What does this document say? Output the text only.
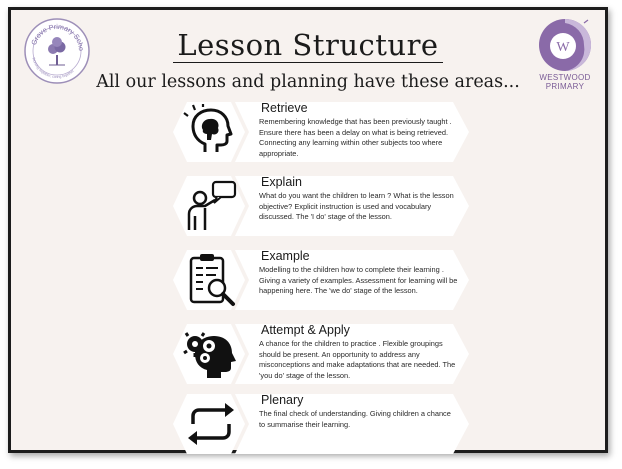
Grove Primary Scho
Working together, caring together
Lesson Structure
All our lessons and planning have these areas...
W
WESTWOOD
PRIMARY
Retrieve
Remembering knowledge that has been previously taught . Ensure there has been a delay on what is being retrieved. Connecting any learning within other subjects too where appropriate.
Explain
What do you want the children to learn ? What is the lesson objective? Explicit instruction is used and vocabulary discussed. The 'I do' stage of the lesson.
Example
Modelling to the children how to complete their learning . Giving a variety of examples. Assessment for learning will be happening here. The 'we do' stage of the lesson.
Attempt & Apply
A chance for the children to practice . Flexible groupings should be present. An opportunity to address any misconceptions and make adaptations that are needed. The 'you do' stage of the lesson.
Plenary
The final check of understanding. Giving children a chance to summarise their learning.
